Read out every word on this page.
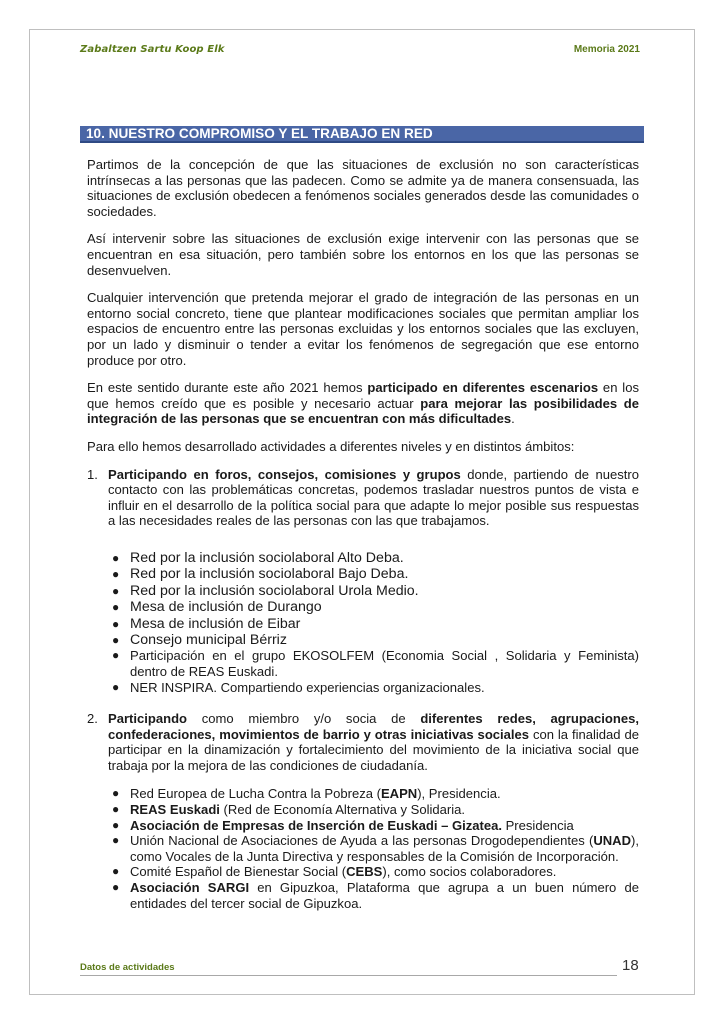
Zabaltzen Sartu Koop Elk	Memoria 2021
10. NUESTRO COMPROMISO Y EL TRABAJO EN RED

Partimos de la concepción de que las situaciones de exclusión no son características intrínsecas a las personas que las padecen. Como se admite ya de manera consensuada, las situaciones de exclusión obedecen a fenómenos sociales generados desde las comunidades o sociedades.

Así intervenir sobre las situaciones de exclusión exige intervenir con las personas que se encuentran en esa situación, pero también sobre los entornos en los que las personas se desenvuelven.

Cualquier intervención que pretenda mejorar el grado de integración de las personas en un entorno social concreto, tiene que plantear modificaciones sociales que permitan ampliar los espacios de encuentro entre las personas excluidas y los entornos sociales que las excluyen, por un lado y disminuir o tender a evitar los fenómenos de segregación que ese entorno produce por otro.

En este sentido durante este año 2021 hemos participado en diferentes escenarios en los que hemos creído que es posible y necesario actuar para mejorar las posibilidades de integración de las personas que se encuentran con más dificultades.

Para ello hemos desarrollado actividades a diferentes niveles y en distintos ámbitos:

1. Participando en foros, consejos, comisiones y grupos donde, partiendo de nuestro contacto con las problemáticas concretas, podemos trasladar nuestros puntos de vista e influir en el desarrollo de la política social para que adapte lo mejor posible sus respuestas a las necesidades reales de las personas con las que trabajamos.
● Red por la inclusión sociolaboral Alto Deba.
● Red por la inclusión sociolaboral Bajo Deba.
● Red por la inclusión sociolaboral Urola Medio.
● Mesa de inclusión de Durango
● Mesa de inclusión de Eibar
● Consejo municipal Bérriz
● Participación en el grupo EKOSOLFEM (Economia Social , Solidaria y Feminista) dentro de REAS Euskadi.
● NER INSPIRA. Compartiendo experiencias organizacionales.
2. Participando como miembro y/o socia de diferentes redes, agrupaciones, confederaciones, movimientos de barrio y otras iniciativas sociales con la finalidad de participar en la dinamización y fortalecimiento del movimiento de la iniciativa social que trabaja por la mejora de las condiciones de ciudadanía.
● Red Europea de Lucha Contra la Pobreza (EAPN), Presidencia.
● REAS Euskadi (Red de Economía Alternativa y Solidaria.
● Asociación de Empresas de Inserción de Euskadi – Gizatea. Presidencia
● Unión Nacional de Asociaciones de Ayuda a las personas Drogodependientes (UNAD), como Vocales de la Junta Directiva y responsables de la Comisión de Incorporación.
● Comité Español de Bienestar Social (CEBS), como socios colaboradores.
● Asociación SARGI en Gipuzkoa, Plataforma que agrupa a un buen número de entidades del tercer social de Gipuzkoa.
Datos de actividades	18
